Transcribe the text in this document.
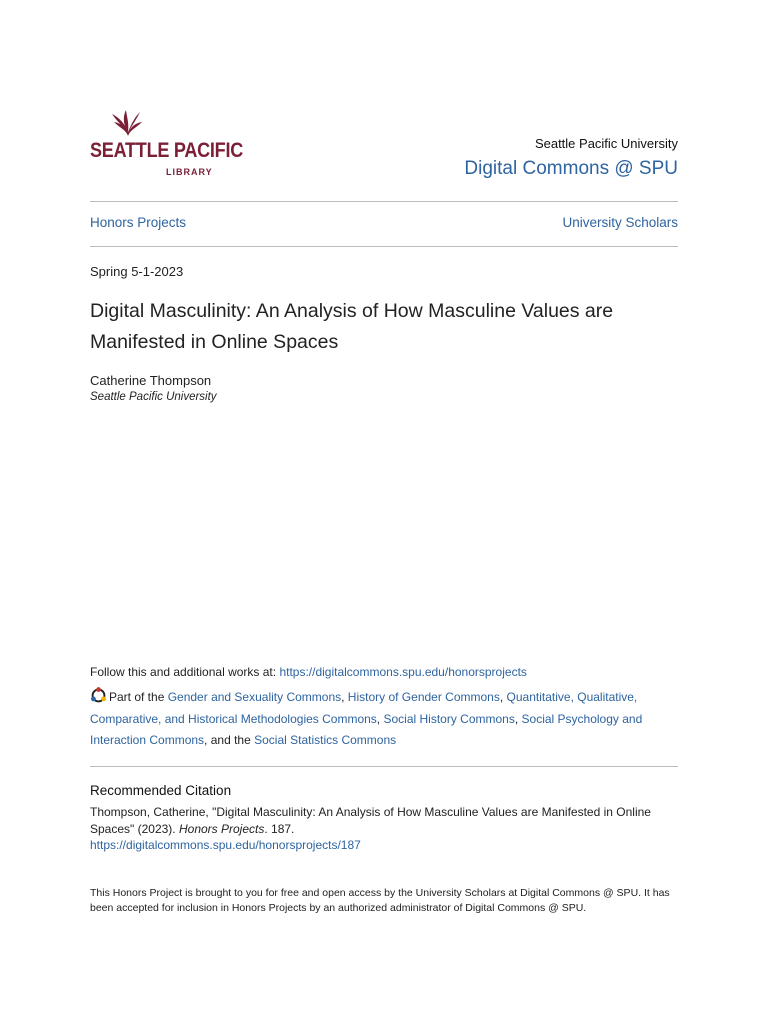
SEATTLE PACIFIC
LIBRARY
Seattle Pacific University
Digital Commons @ SPU
Honors Projects	University Scholars
Spring 5-1-2023
Digital Masculinity: An Analysis of How Masculine Values are Manifested in Online Spaces
Catherine Thompson
Seattle Pacific University
Follow this and additional works at: https://digitalcommons.spu.edu/honorsprojects
Part of the Gender and Sexuality Commons, History of Gender Commons, Quantitative, Qualitative, Comparative, and Historical Methodologies Commons, Social History Commons, Social Psychology and Interaction Commons, and the Social Statistics Commons
Recommended Citation
Thompson, Catherine, "Digital Masculinity: An Analysis of How Masculine Values are Manifested in Online Spaces" (2023). Honors Projects. 187.
https://digitalcommons.spu.edu/honorsprojects/187
This Honors Project is brought to you for free and open access by the University Scholars at Digital Commons @ SPU. It has been accepted for inclusion in Honors Projects by an authorized administrator of Digital Commons @ SPU.
